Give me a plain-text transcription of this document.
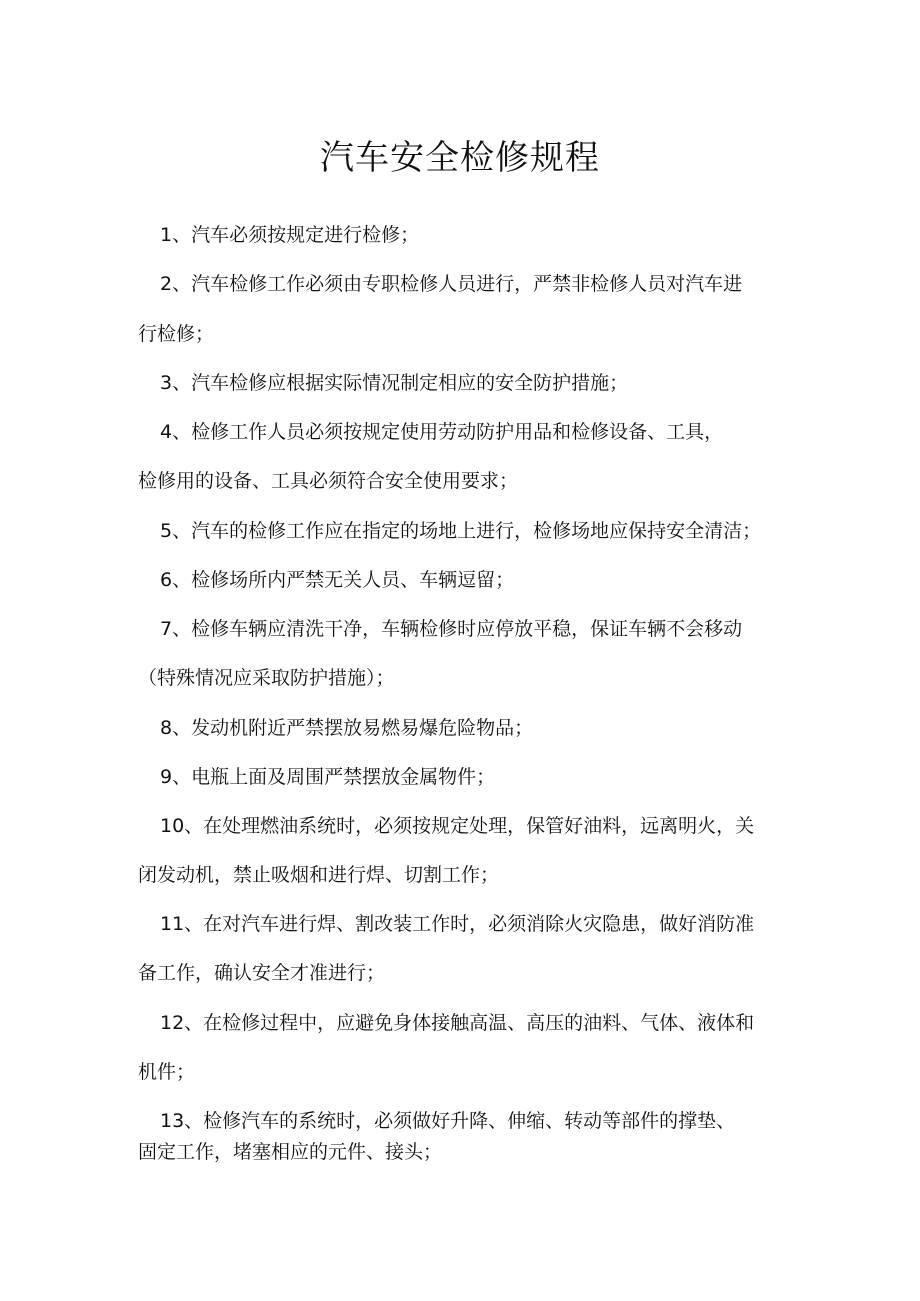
汽车安全检修规程

1、汽车必须按规定进行检修；

2、汽车检修工作必须由专职检修人员进行，严禁非检修人员对汽车进

行检修；

3、汽车检修应根据实际情况制定相应的安全防护措施；

4、检修工作人员必须按规定使用劳动防护用品和检修设备、工具，

检修用的设备、工具必须符合安全使用要求；

5、汽车的检修工作应在指定的场地上进行，检修场地应保持安全清洁；

6、检修场所内严禁无关人员、车辆逗留；

7、检修车辆应清洗干净，车辆检修时应停放平稳，保证车辆不会移动

（特殊情况应采取防护措施）；

8、发动机附近严禁摆放易燃易爆危险物品；

9、电瓶上面及周围严禁摆放金属物件；

10、在处理燃油系统时，必须按规定处理，保管好油料，远离明火，关

闭发动机，禁止吸烟和进行焊、切割工作；

11、在对汽车进行焊、割改装工作时，必须消除火灾隐患，做好消防准

备工作，确认安全才准进行；

12、在检修过程中，应避免身体接触高温、高压的油料、气体、液体和

机件；

13、检修汽车的系统时，必须做好升降、伸缩、转动等部件的撑垫、

固定工作，堵塞相应的元件、接头；
